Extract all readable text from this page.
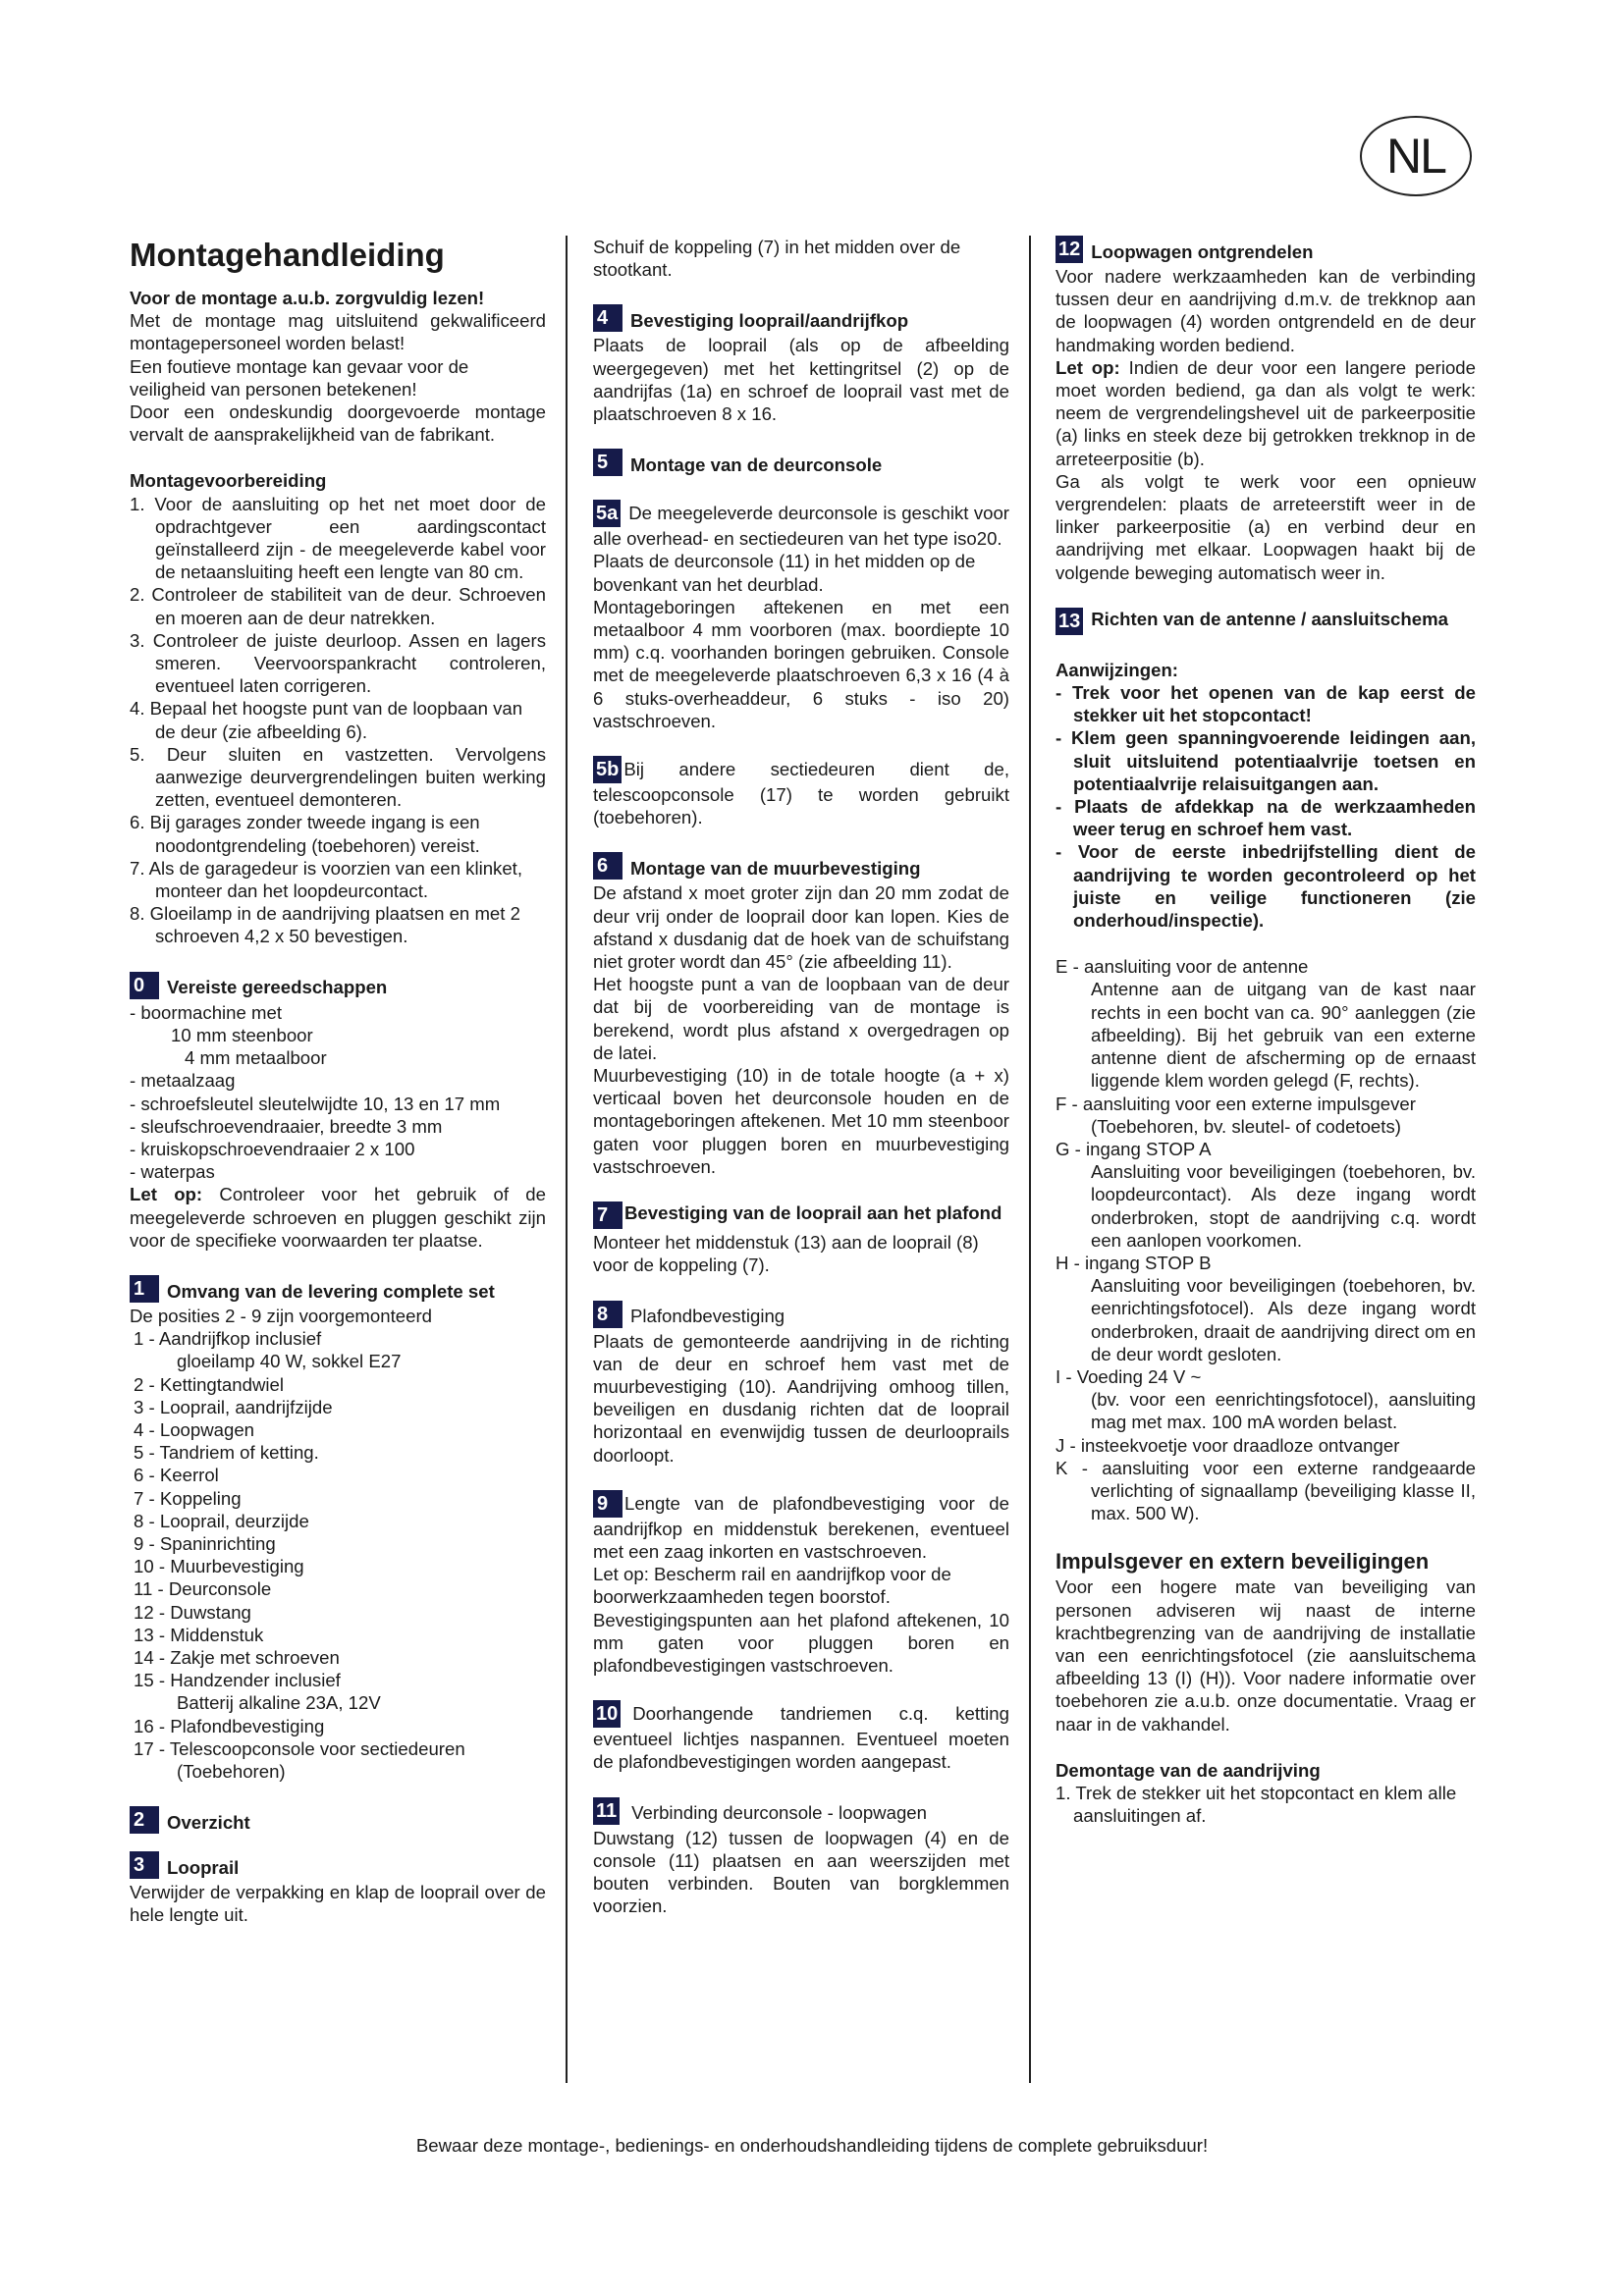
NL
Montagehandleiding

Voor de montage a.u.b. zorgvuldig lezen!

Met de montage mag uitsluitend gekwalificeerd montagepersoneel worden belast!

Een foutieve montage kan gevaar voor de veiligheid van personen betekenen!

Door een ondeskundig doorgevoerde montage vervalt de aansprakelijkheid van de fabrikant.

Montagevoorbereiding

1. Voor de aansluiting op het net moet door de opdrachtgever een aardingscontact geïnstalleerd zijn - de meegeleverde kabel voor de netaansluiting heeft een lengte van 80 cm.
2. Controleer de stabiliteit van de deur. Schroeven en moeren aan de deur natrekken.
3. Controleer de juiste deurloop. Assen en lagers smeren. Veervoorspankracht controleren, eventueel laten corrigeren.
4. Bepaal het hoogste punt van de loopbaan van de deur (zie afbeelding 6).
5. Deur sluiten en vastzetten. Vervolgens aanwezige deurvergrendelingen buiten werking zetten, eventueel demonteren.
6. Bij garages zonder tweede ingang is een noodontgrendeling (toebehoren) vereist.
7. Als de garagedeur is voorzien van een klinket, monteer dan het loopdeurcontact.
8. Gloeilamp in de aandrijving plaatsen en met 2 schroeven 4,2 x 50 bevestigen.
0	Vereiste gereedschappen
- boormachine met
10 mm steenboor
4 mm metaalboor
- metaalzaag
- schroefsleutel sleutelwijdte 10, 13 en 17 mm
- sleufschroevendraaier, breedte 3 mm
- kruiskopschroevendraaier 2 x 100
- waterpas

Let op: Controleer voor het gebruik of de meegeleverde schroeven en pluggen geschikt zijn voor de specifieke voorwaarden ter plaatse.

1	Omvang van de levering complete set

De posities 2 - 9 zijn voorgemonteerd

1 - Aandrijfkop inclusief
gloeilamp 40 W, sokkel E27
2 - Kettingtandwiel
3 - Looprail, aandrijfzijde
4 - Loopwagen
5 - Tandriem of ketting.
6 - Keerrol
7 - Koppeling
8 - Looprail, deurzijde
9 - Spaninrichting
10 - Muurbevestiging
11 - Deurconsole
12 - Duwstang
13 - Middenstuk
14 - Zakje met schroeven
15 - Handzender inclusief
Batterij alkaline 23A, 12V
16 - Plafondbevestiging
17 - Telescoopconsole voor sectiedeuren
(Toebehoren)
2	Overzicht
3	Looprail

Verwijder de verpakking en klap de looprail over de hele lengte uit.

Schuif de koppeling (7) in het midden over de stootkant.

4	Bevestiging looprail/aandrijfkop

Plaats de looprail (als op de afbeelding weergegeven) met het kettingritsel (2) op de aandrijfas (1a) en schroef de looprail vast met de plaatschroeven 8 x 16.

5	Montage van de deurconsole

5a De meegeleverde deurconsole is geschikt voor alle overhead- en sectiedeuren van het type iso20.

Plaats de deurconsole (11) in het midden op de bovenkant van het deurblad.

Montageboringen aftekenen en met een metaalboor 4 mm voorboren (max. boordiepte 10 mm) c.q. voorhanden boringen gebruiken. Console met de meegeleverde plaatschroeven 6,3 x 16 (4 à 6 stuks-overheaddeur, 6 stuks - iso 20) vastschroeven.

5b Bij andere sectiedeuren dient de, telescoopconsole (17) te worden gebruikt (toebehoren).

6	Montage van de muurbevestiging

De afstand x moet groter zijn dan 20 mm zodat de deur vrij onder de looprail door kan lopen. Kies de afstand x dusdanig dat de hoek van de schuifstang niet groter wordt dan 45° (zie afbeelding 11).

Het hoogste punt a van de loopbaan van de deur dat bij de voorbereiding van de montage is berekend, wordt plus afstand x overgedragen op de latei.

Muurbevestiging (10) in de totale hoogte (a + x) verticaal boven het deurconsole houden en de montageboringen aftekenen. Met 10 mm steenboor gaten voor pluggen boren en muurbevestiging vastschroeven.

7 Bevestiging van de looprail aan het plafond

Monteer het middenstuk (13) aan de looprail (8) voor de koppeling (7).

8	Plafondbevestiging

Plaats de gemonteerde aandrijving in de richting van de deur en schroef hem vast met de muurbevestiging (10). Aandrijving omhoog tillen, beveiligen en dusdanig richten dat de looprail horizontaal en evenwijdig tussen de deurlooprails doorloopt.

9 Lengte van de plafondbevestiging voor de aandrijfkop en middenstuk berekenen, eventueel met een zaag inkorten en vastschroeven.

Let op: Bescherm rail en aandrijfkop voor de boorwerkzaamheden tegen boorstof.

Bevestigingspunten aan het plafond aftekenen, 10 mm gaten voor pluggen boren en plafondbevestigingen vastschroeven.

10 Doorhangende tandriemen c.q. ketting eventueel lichtjes naspannen. Eventueel moeten de plafondbevestigingen worden aangepast.

11 Verbinding deurconsole - loopwagen

Duwstang (12) tussen de loopwagen (4) en de console (11) plaatsen en aan weerszijden met bouten verbinden. Bouten van borgklemmen voorzien.

12 Loopwagen ontgrendelen

Voor nadere werkzaamheden kan de verbinding tussen deur en aandrijving d.m.v. de trekknop aan de loopwagen (4) worden ontgrendeld en de deur handmaking worden bediend.

Let op: Indien de deur voor een langere periode moet worden bediend, ga dan als volgt te werk: neem de vergrendelingshevel uit de parkeerpositie (a) links en steek deze bij getrokken trekknop in de arreteerpositie (b).

Ga als volgt te werk voor een opnieuw vergrendelen: plaats de arreteerstift weer in de linker parkeerpositie (a) en verbind deur en aandrijving met elkaar. Loopwagen haakt bij de volgende beweging automatisch weer in.

13 Richten van de antenne / aansluitschema

Aanwijzingen:

- Trek voor het openen van de kap eerst de stekker uit het stopcontact!
- Klem geen spanningvoerende leidingen aan, sluit uitsluitend potentiaalvrije toetsen en potentiaalvrije relaisuitgangen aan.
- Plaats de afdekkap na de werkzaamheden weer terug en schroef hem vast.
- Voor de eerste inbedrijfstelling dient de aandrijving te worden gecontroleerd op het juiste en veilige functioneren (zie onderhoud/inspectie).
E - aansluiting voor de antenne
Antenne aan de uitgang van de kast naar rechts in een bocht van ca. 90° aanleggen (zie afbeelding). Bij het gebruik van een externe antenne dient de afscherming op de ernaast liggende klem worden gelegd (F, rechts).
F - aansluiting voor een externe impulsgever
(Toebehoren, bv. sleutel- of codetoets)
G - ingang STOP A
Aansluiting voor beveiligingen (toebehoren, bv. loopdeurcontact). Als deze ingang wordt onderbroken, stopt de aandrijving c.q. wordt een aanlopen voorkomen.
H - ingang STOP B
Aansluiting voor beveiligingen (toebehoren, bv. eenrichtingsfotocel). Als deze ingang wordt onderbroken, draait de aandrijving direct om en de deur wordt gesloten.
I - Voeding 24 V ~
(bv. voor een eenrichtingsfotocel), aansluiting mag met max. 100 mA worden belast.
J - insteekvoetje voor draadloze ontvanger
K - aansluiting voor een externe randgeaarde verlichting of signaallamp (beveiliging klasse II, max. 500 W).

Impulsgever en extern beveiligingen

Voor een hogere mate van beveiliging van personen adviseren wij naast de interne krachtbegrenzing van de aandrijving de installatie van een eenrichtingsfotocel (zie aansluitschema afbeelding 13 (I) (H)). Voor nadere informatie over toebehoren zie a.u.b. onze documentatie. Vraag er naar in de vakhandel.

Demontage van de aandrijving

1. Trek de stekker uit het stopcontact en klem alle aansluitingen af.

Bewaar deze montage-, bedienings- en onderhoudshandleiding tijdens de complete gebruiksduur!
